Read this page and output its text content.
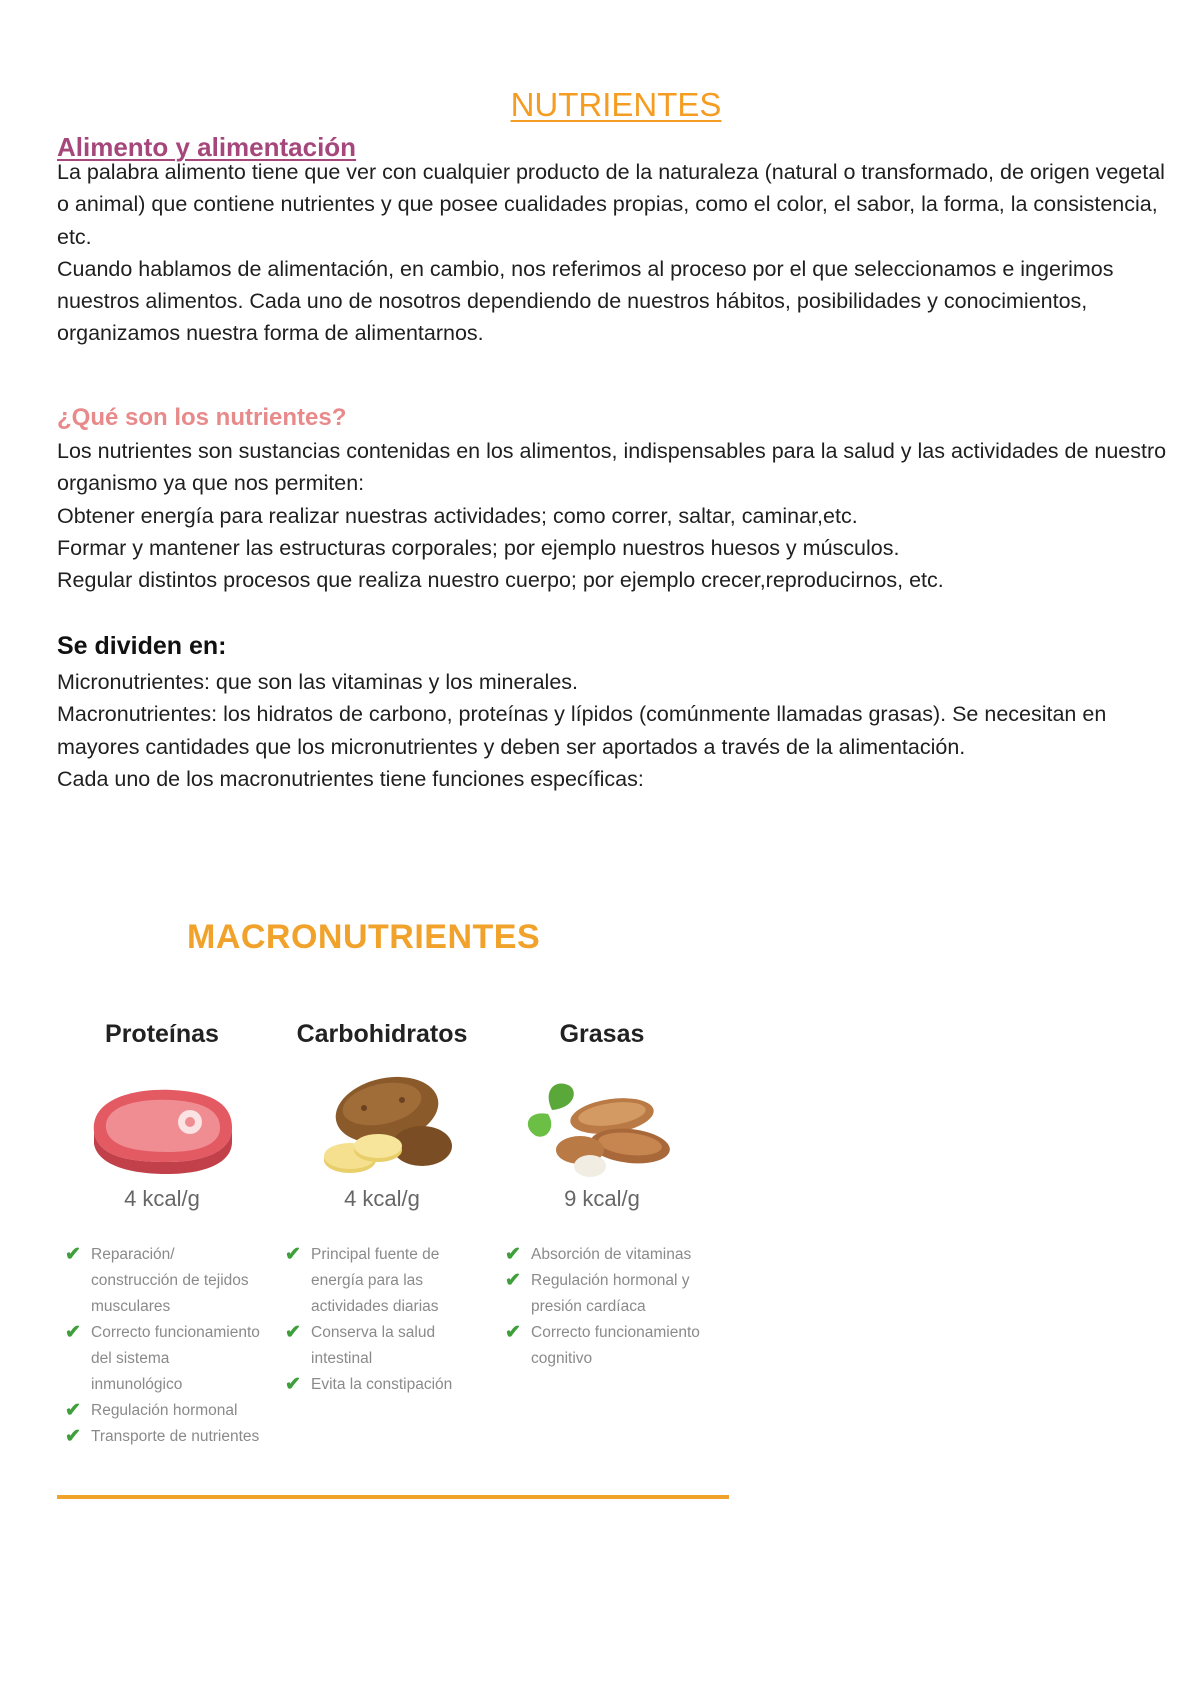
NUTRIENTES
Alimento y alimentación

La palabra alimento tiene que ver con cualquier producto de la naturaleza (natural o transformado, de origen vegetal o animal) que contiene nutrientes y que posee cualidades propias, como el color, el sabor, la forma, la consistencia, etc.

Cuando hablamos de alimentación, en cambio, nos referimos al proceso por el que seleccionamos e ingerimos nuestros alimentos. Cada uno de nosotros dependiendo de nuestros hábitos, posibilidades y conocimientos, organizamos nuestra forma de alimentarnos.

¿Qué son los nutrientes?

Los nutrientes son sustancias contenidas en los alimentos, indispensables para la salud y las actividades de nuestro organismo ya que nos permiten:

Obtener energía para realizar nuestras actividades; como correr, saltar, caminar,etc.

Formar y mantener las estructuras corporales; por ejemplo nuestros huesos y músculos.

Regular distintos procesos que realiza nuestro cuerpo; por ejemplo crecer,reproducirnos, etc.

Se dividen en:

Micronutrientes: que son las vitaminas y los minerales.

Macronutrientes: los hidratos de carbono, proteínas y lípidos (comúnmente llamadas grasas). Se necesitan en mayores cantidades que los micronutrientes y deben ser aportados a través de la alimentación.

Cada uno de los macronutrientes tiene funciones específicas:

MACRONUTRIENTES
Proteínas
4 kcal/g
✔ Reparación/ construcción de tejidos musculares
✔ Correcto funcionamiento del sistema inmunológico
✔ Regulación hormonal
✔ Transporte de nutrientes
Carbohidratos
4 kcal/g
✔ Principal fuente de energía para las actividades diarias
✔ Conserva la salud intestinal
✔ Evita la constipación
Grasas
9 kcal/g
✔ Absorción de vitaminas
✔ Regulación hormonal y presión cardíaca
✔ Correcto funcionamiento cognitivo
